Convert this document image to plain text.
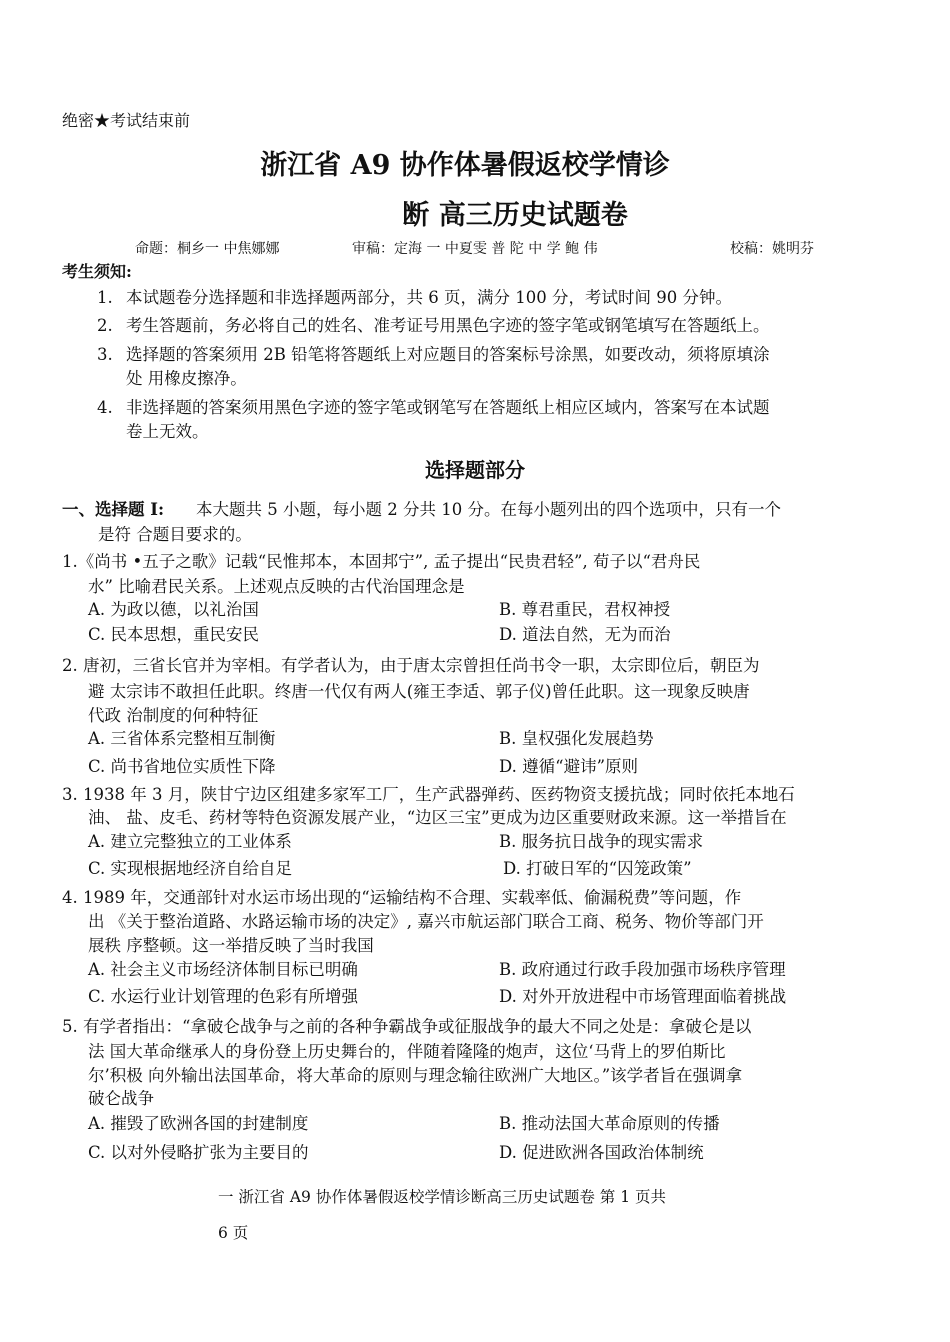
绝密★考试结束前
浙江省 A9 协作体暑假返校学情诊
断 高三历史试题卷
命题：桐乡一 中焦娜娜	审稿：定海 一 中夏雯 普 陀 中 学 鲍 伟	校稿：姚明芬
考生须知:
1. 本试题卷分选择题和非选择题两部分，共 6 页，满分 100 分，考试时间 90 分钟。
2. 考生答题前，务必将自己的姓名、准考证号用黑色字迹的签字笔或钢笔填写在答题纸上。
3. 选择题的答案须用 2B 铅笔将答题纸上对应题目的答案标号涂黑，如要改动，须将原填涂
处 用橡皮擦净。
4. 非选择题的答案须用黑色字迹的签字笔或钢笔写在答题纸上相应区域内，答案写在本试题
卷上无效。
选择题部分
一、选择题 I: 本大题共 5 小题，每小题 2 分共 10 分。在每小题列出的四个选项中，只有一个
是符 合题目要求的。
1.《尚书 •五子之歌》记载“民惟邦本，本固邦宁”, 孟子提出“民贵君轻”, 荀子以“君舟民
水” 比喻君民关系。上述观点反映的古代治国理念是
A. 为政以德，以礼治国	B. 尊君重民，君权神授
C. 民本思想，重民安民	D. 道法自然，无为而治
2. 唐初，三省长官并为宰相。有学者认为，由于唐太宗曾担任尚书令一职，太宗即位后，朝臣为
避 太宗讳不敢担任此职。终唐一代仅有两人(雍王李适、郭子仪)曾任此职。这一现象反映唐
代政 治制度的何种特征
A. 三省体系完整相互制衡	B. 皇权强化发展趋势
C. 尚书省地位实质性下降	D. 遵循“避讳”原则
3. 1938 年 3 月，陕甘宁边区组建多家军工厂，生产武器弹药、医药物资支援抗战；同时依托本地石
油、 盐、皮毛、药材等特色资源发展产业，“边区三宝”更成为边区重要财政来源。这一举措旨在
A. 建立完整独立的工业体系	B. 服务抗日战争的现实需求
C. 实现根据地经济自给自足	D. 打破日军的“囚笼政策”
4. 1989 年，交通部针对水运市场出现的“运输结构不合理、实载率低、偷漏税费”等问题，作
出 《关于整治道路、水路运输市场的决定》, 嘉兴市航运部门联合工商、税务、物价等部门开
展秩 序整顿。这一举措反映了当时我国
A. 社会主义市场经济体制目标已明确	B. 政府通过行政手段加强市场秩序管理
C. 水运行业计划管理的色彩有所增强	D. 对外开放进程中市场管理面临着挑战
5. 有学者指出：“拿破仑战争与之前的各种争霸战争或征服战争的最大不同之处是：拿破仑是以
法 国大革命继承人的身份登上历史舞台的，伴随着隆隆的炮声，这位‘马背上的罗伯斯比
尔’积极 向外输出法国革命，将大革命的原则与理念输往欧洲广大地区。”该学者旨在强调拿
破仑战争
A. 摧毁了欧洲各国的封建制度	B. 推动法国大革命原则的传播
C. 以对外侵略扩张为主要目的	D. 促进欧洲各国政治体制统
一 浙江省 A9 协作体暑假返校学情诊断高三历史试题卷 第 1 页共
6 页
